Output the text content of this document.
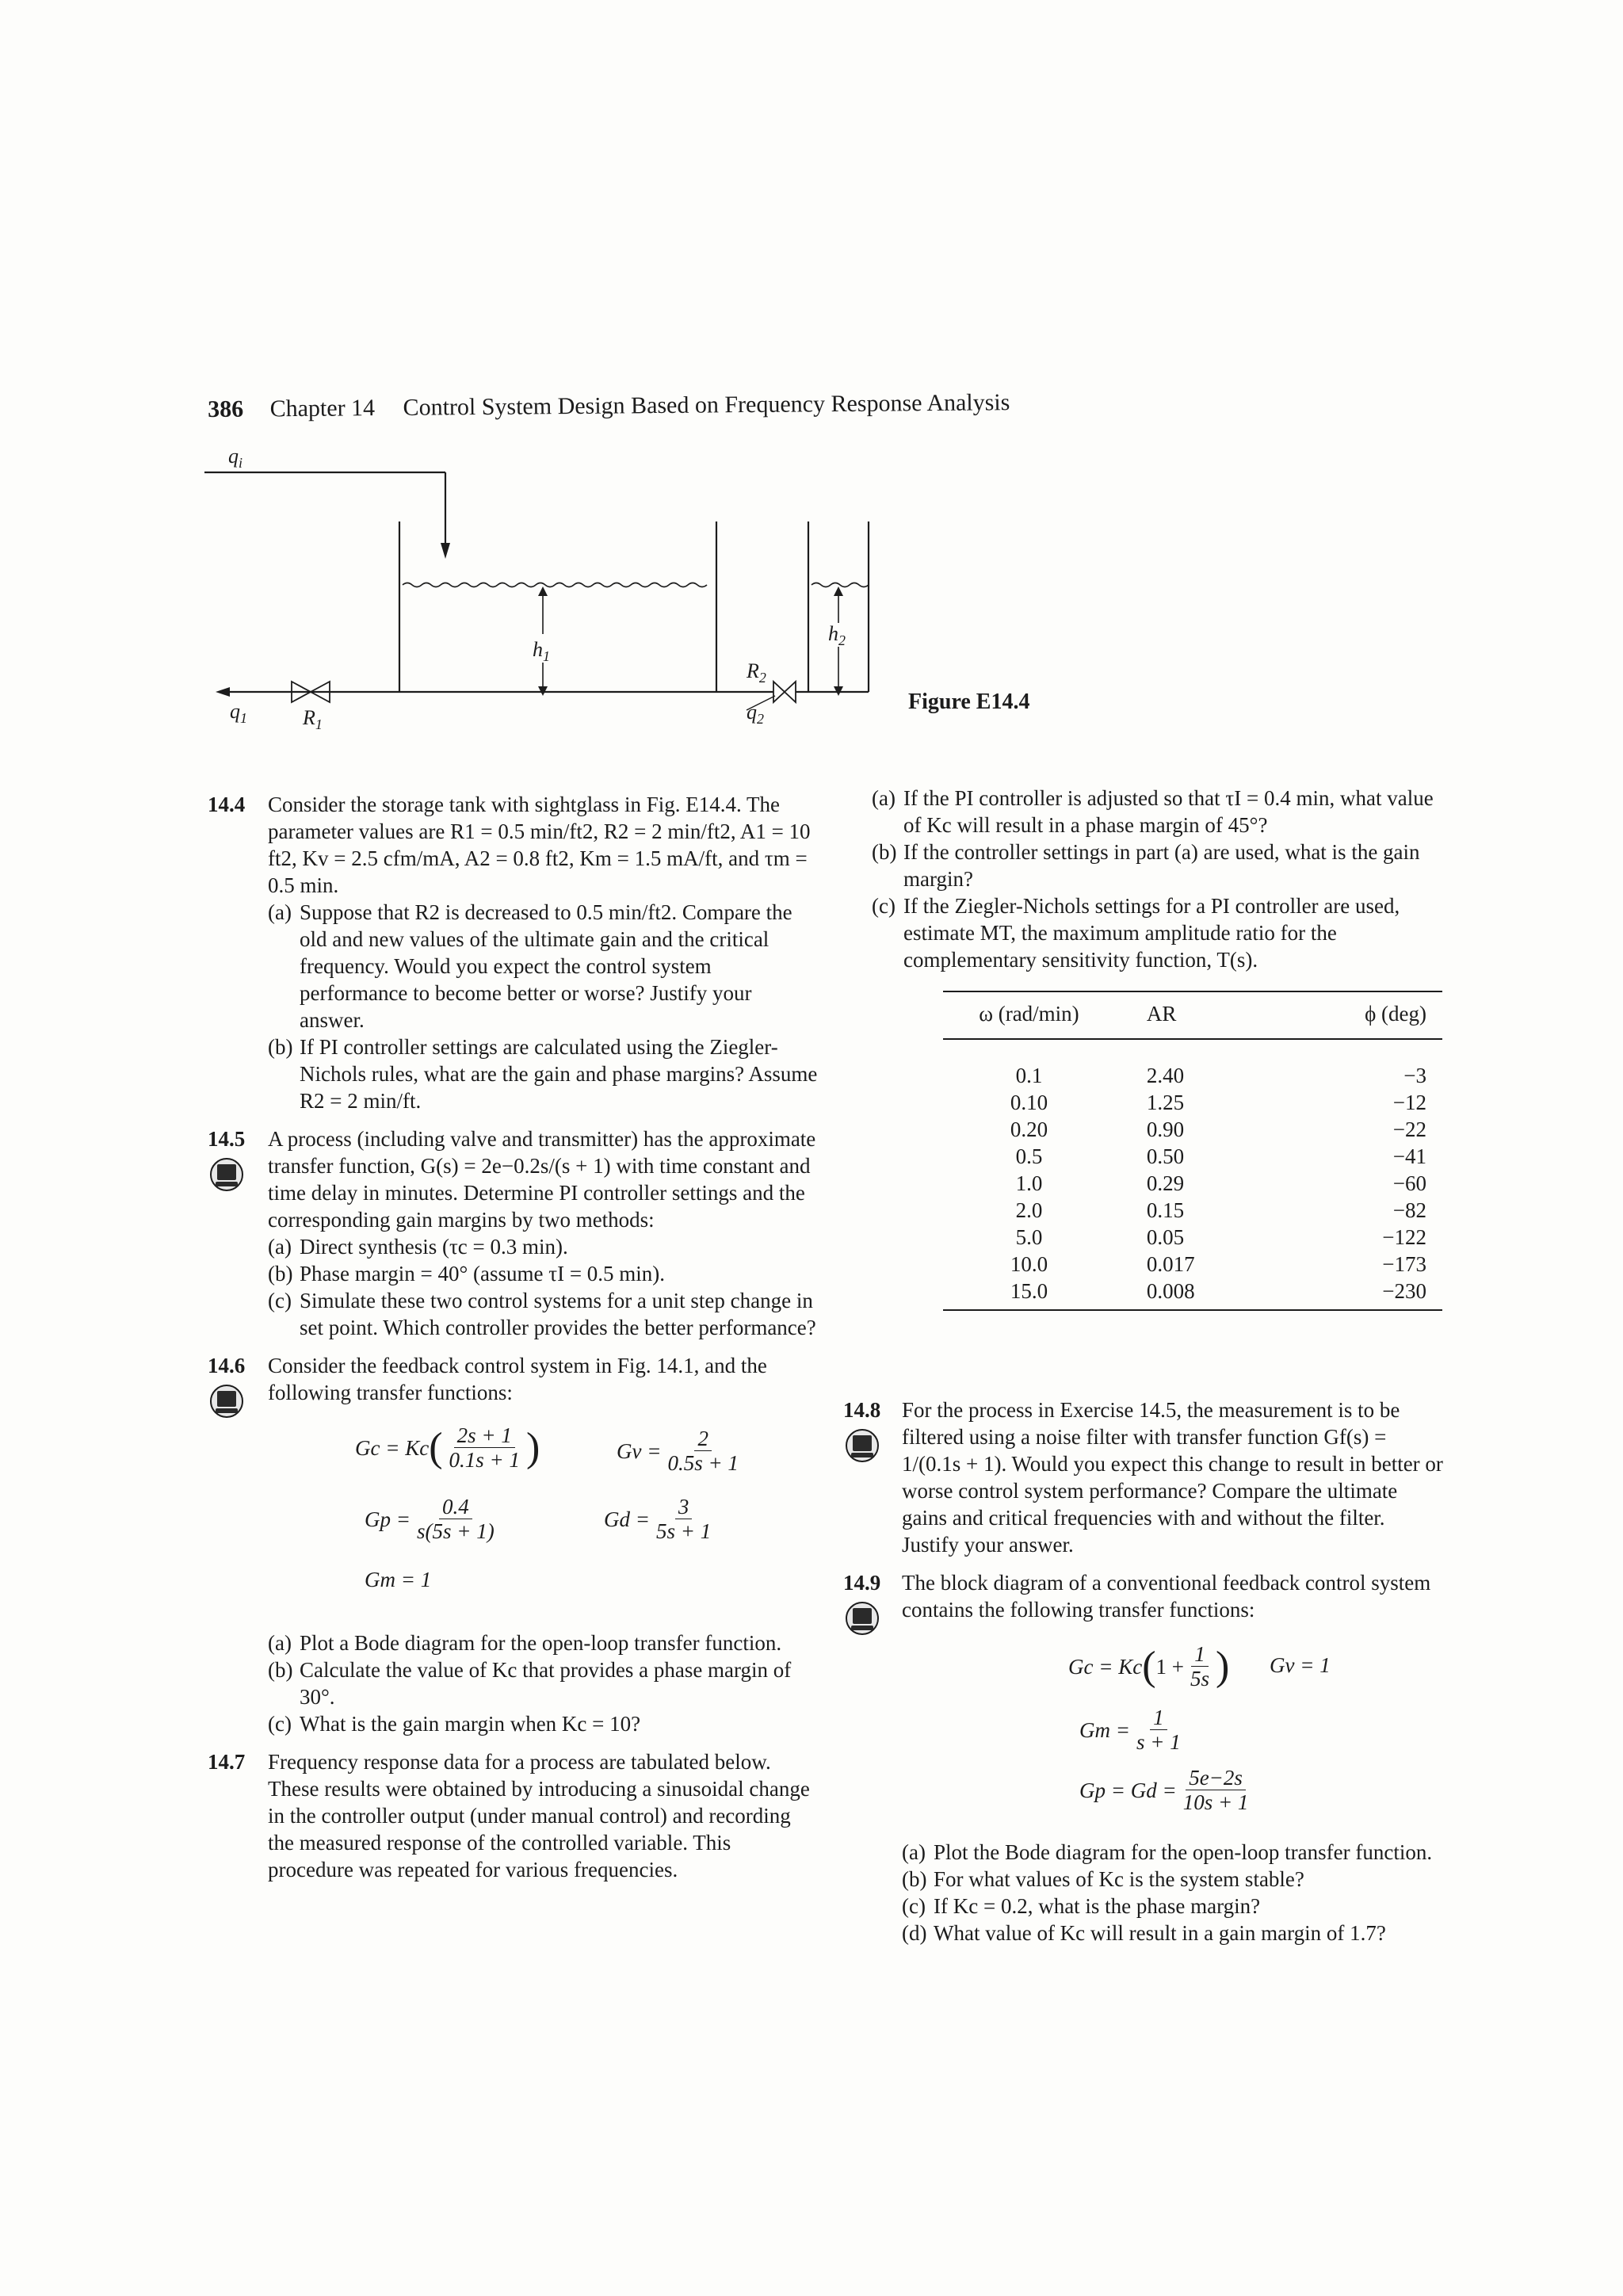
386 Chapter 14 Control System Design Based on Frequency Response Analysis
$q_i$
$q_1$	$R_1$
$h_1$
$R_2$
$q_2$
$h_2$
Figure E14.4
14.4 Consider the storage tank with sightglass in Fig. E14.4. The parameter values are R1 = 0.5 min/ft2, R2 = 2 min/ft2, A1 = 10 ft2, Kv = 2.5 cfm/mA, A2 = 0.8 ft2, Km = 1.5 mA/ft, and τm = 0.5 min.

(a) Suppose that R2 is decreased to 0.5 min/ft2. Compare the old and new values of the ultimate gain and the critical frequency. Would you expect the control system performance to become better or worse? Justify your answer.

(b) If PI controller settings are calculated using the Ziegler-Nichols rules, what are the gain and phase margins? Assume R2 = 2 min/ft.

14.5 A process (including valve and transmitter) has the approximate transfer function, G(s) = 2e−0.2s/(s + 1) with time constant and time delay in minutes. Determine PI controller settings and the corresponding gain margins by two methods:

(a) Direct synthesis (τc = 0.3 min).

(b) Phase margin = 40° (assume τI = 0.5 min).

(c) Simulate these two control systems for a unit step change in set point. Which controller provides the better performance?

14.6 Consider the feedback control system in Fig. 14.1, and the following transfer functions:

Gc = Kc ( $\frac{2s + 1}{0.1s + 1}$ )	$Gv = \frac{2}{0.5s + 1}$
$Gp = \frac{0.4}{s(5s + 1)}$	$Gd = \frac{3}{5s + 1}$
Gm = 1
(a) Plot a Bode diagram for the open-loop transfer function.

(b) Calculate the value of Kc that provides a phase margin of 30°.

(c) What is the gain margin when Kc = 10?

14.7 Frequency response data for a process are tabulated below. These results were obtained by introducing a sinusoidal change in the controller output (under manual control) and recording the measured response of the controlled variable. This procedure was repeated for various frequencies.

(a) If the PI controller is adjusted so that τI = 0.4 min, what value of Kc will result in a phase margin of 45°?

(b) If the controller settings in part (a) are used, what is the gain margin?

(c) If the Ziegler-Nichols settings for a PI controller are used, estimate MT, the maximum amplitude ratio for the complementary sensitivity function, T(s).

ω (rad/min)	AR	ϕ (deg)
0.1	2.40	−3
0.10	1.25	−12
0.20	0.90	−22
0.5	0.50	−41
1.0	0.29	−60
2.0	0.15	−82
5.0	0.05	−122
10.0	0.017	−173
15.0	0.008	−230
14.8 For the process in Exercise 14.5, the measurement is to be filtered using a noise filter with transfer function Gf(s) = 1/(0.1s + 1). Would you expect this change to result in better or worse control system performance? Compare the ultimate gains and critical frequencies with and without the filter. Justify your answer.

14.9 The block diagram of a conventional feedback control system contains the following transfer functions:

Gc = Kc ( $1 + \frac{1}{5s}$ ) Gv = 1
$Gm = \frac{1}{s + 1}$
$Gp = Gd = \frac{5e-2s}{10s + 1}$
(a) Plot the Bode diagram for the open-loop transfer function.

(b) For what values of Kc is the system stable?

(c) If Kc = 0.2, what is the phase margin?

(d) What value of Kc will result in a gain margin of 1.7?
